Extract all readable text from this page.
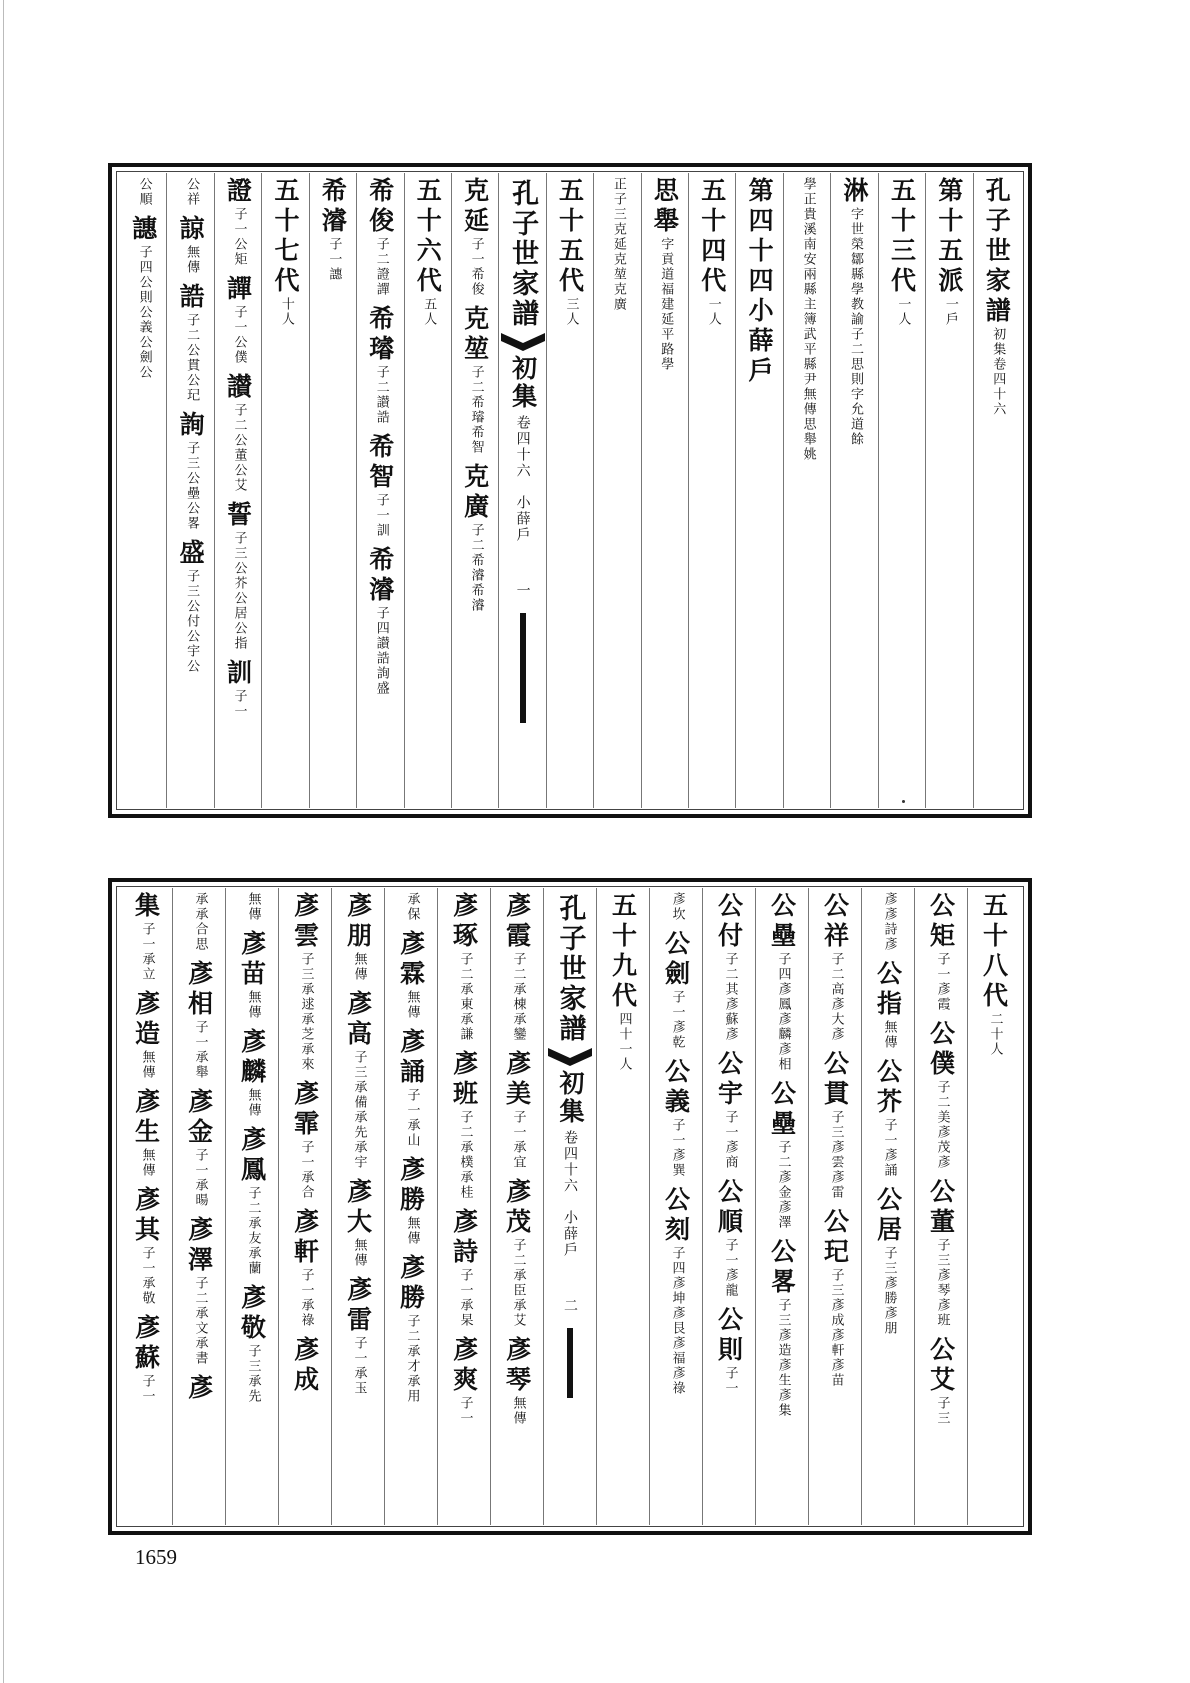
孔子世家譜
初集卷四十六
第十五派
一戶
五十三代
一人
淋
字世榮鄒縣學教諭子二思則字允道餘
學正貴溪南安兩縣主簿武平縣尹無傳思舉姚
第四十四小薛戶
五十四代
一人
思舉
字貢道福建延平路學
正子三克延克堃克廣
五十五代
三人
孔子世家譜
初集
卷四十六　小薛戶
一
克延
子一希俊
克堃
子二希璿希智
克廣
子二希濬希濬
五十六代
五人
希俊
子二證譂
希璿
子二讃誥
希智
子一訓
希濬
子四讃誥詢盛
希濬
子一譓
五十七代
十人
證
子一公矩
譂
子一公僕
讃
子二公董公艾
誓
子三公芥公居公指
訓
子一
公祥
諒
無傳
誥
子二公貫公玘
詢
子三公壘公畧
盛
子三公付公宇公
公順
譓
子四公則公義公劍公
五十八代
二十人
公矩
子一彥霞
公僕
子二美彥茂彥
公董
子三彥琴彥班
公艾
子三
彥彥詩彥
公指
無傳
公芥
子一彥誦
公居
子三彥勝彥朋
公祥
子二高彥大彥
公貫
子三彥雲彥雷
公玘
子三彥成彥軒彥苗
公壘
子四彥鳳彥麟彥相
公壘
子二彥金彥澤
公畧
子三彥造彥生彥集
公付
子二其彥蘇彥
公宇
子一彥商
公順
子一彥龍
公則
子一
彥坎
公劍
子一彥乾
公義
子一彥巽
公刻
子四彥坤彥艮彥福彥祿
五十九代
四十一人
孔子世家譜
初集
卷四十六　小薛戶
二
彥霞
子二承棟承鑾
彥美
子一承宜
彥茂
子二承臣承艾
彥琴
無傳
彥琢
子二承東承謙
彥班
子二承樸承桂
彥詩
子一承杲
彥爽
子一
承保
彥霖
無傳
彥誦
子一承山
彥勝
無傳
彥勝
子二承才承用
彥朋
無傳
彥高
子三承備承先承宇
彥大
無傳
彥雷
子一承玉
彥雲
子三承逑承芝承來
彥霏
子一承合
彥軒
子一承祿
彥成
無傳
彥苗
無傳
彥麟
無傳
彥鳳
子二承友承蘭
彥敬
子三承先
承承合思
彥相
子一承舉
彥金
子一承暘
彥澤
子二承文承書
彥
集
子一承立
彥造
無傳
彥生
無傳
彥其
子一承敬
彥蘇
子一
1659
